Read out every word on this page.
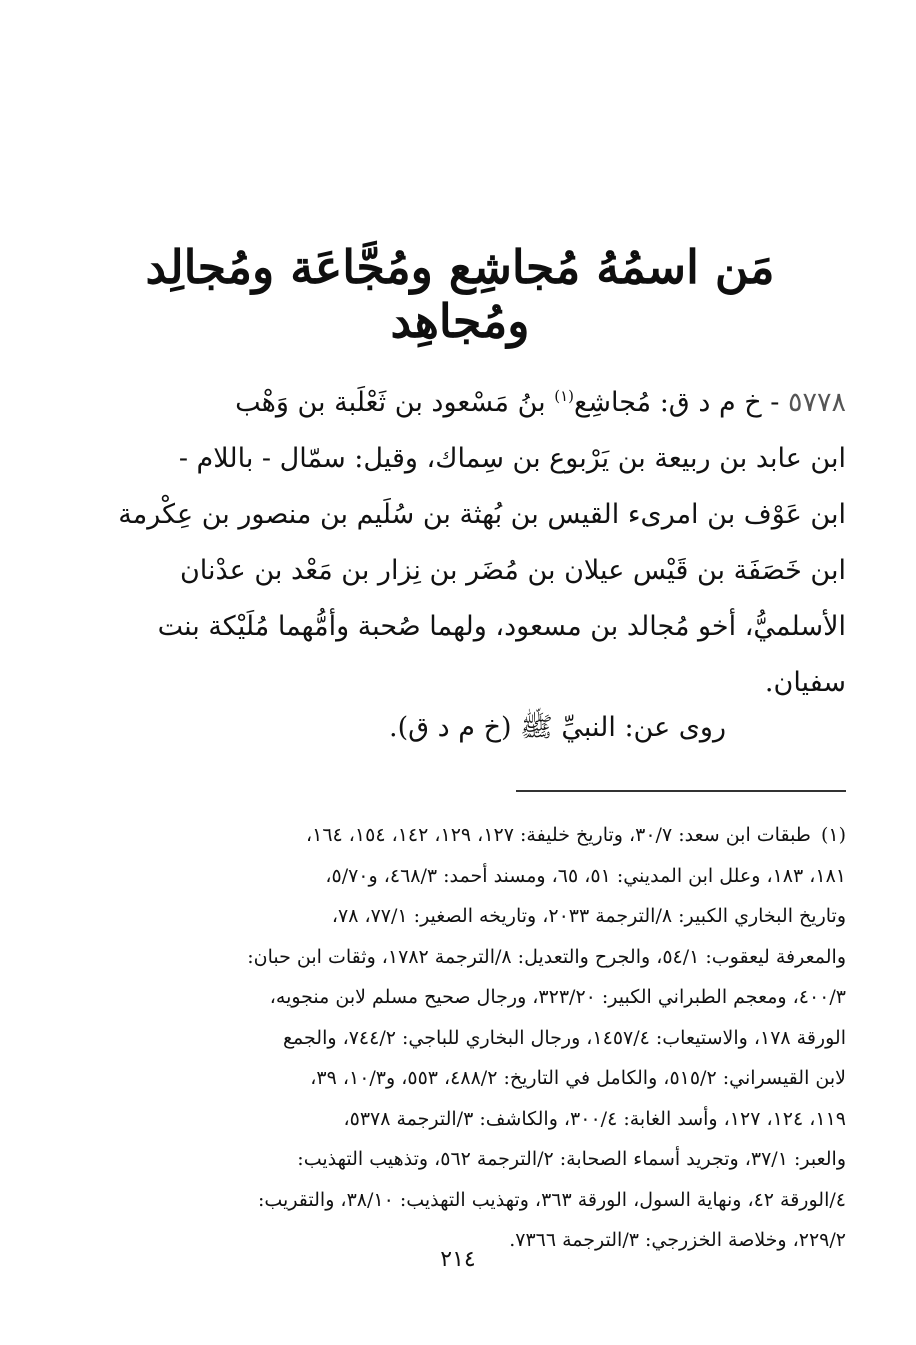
مَن اسمُهُ مُجاشِع ومُجَّاعَة ومُجالِد ومُجاهِد
٥٧٧٨ - خ م د ق: مُجاشِع$^{(١)}$ بنُ مَسْعود بن ثَعْلَبة بن وَهْب
ابن عابد بن ربيعة بن يَرْبوع بن سِماك، وقيل: سمّال - باللام -
ابن عَوْف بن امرىء القيس بن بُهثة بن سُلَيم بن منصور بن عِكْرمة
ابن خَصَفَة بن قَيْس عيلان بن مُضَر بن نِزار بن مَعْد بن عدْنان
الأسلميُّ، أخو مُجالد بن مسعود، ولهما صُحبة وأمُّهما مُلَيْكة بنت
سفيان.
روى عن: النبيِّ ﷺ (خ م د ق).
(١)طبقات ابن سعد: ٣٠/٧، وتاريخ خليفة: ١٢٧، ١٢٩، ١٤٢، ١٥٤، ١٦٤،
١٨١، ١٨٣، وعلل ابن المديني: ٥١، ٦٥، ومسند أحمد: ٤٦٨/٣، و٥/٧٠،
وتاريخ البخاري الكبير: ٨/الترجمة ٢٠٣٣، وتاريخه الصغير: ٧٧/١، ٧٨،
والمعرفة ليعقوب: ٥٤/١، والجرح والتعديل: ٨/الترجمة ١٧٨٢، وثقات ابن حبان:
٤٠٠/٣، ومعجم الطبراني الكبير: ٣٢٣/٢٠، ورجال صحيح مسلم لابن منجويه،
الورقة ١٧٨، والاستيعاب: ١٤٥٧/٤، ورجال البخاري للباجي: ٧٤٤/٢، والجمع
لابن القيسراني: ٥١٥/٢، والكامل في التاريخ: ٤٨٨/٢، ٥٥٣، و١٠/٣، ٣٩،
١١٩، ١٢٤، ١٢٧، وأسد الغابة: ٣٠٠/٤، والكاشف: ٣/الترجمة ٥٣٧٨،
والعبر: ٣٧/١، وتجريد أسماء الصحابة: ٢/الترجمة ٥٦٢، وتذهيب التهذيب:
٤/الورقة ٤٢، ونهاية السول، الورقة ٣٦٣، وتهذيب التهذيب: ٣٨/١٠، والتقريب:
٢٢٩/٢، وخلاصة الخزرجي: ٣/الترجمة ٧٣٦٦.
٢١٤
